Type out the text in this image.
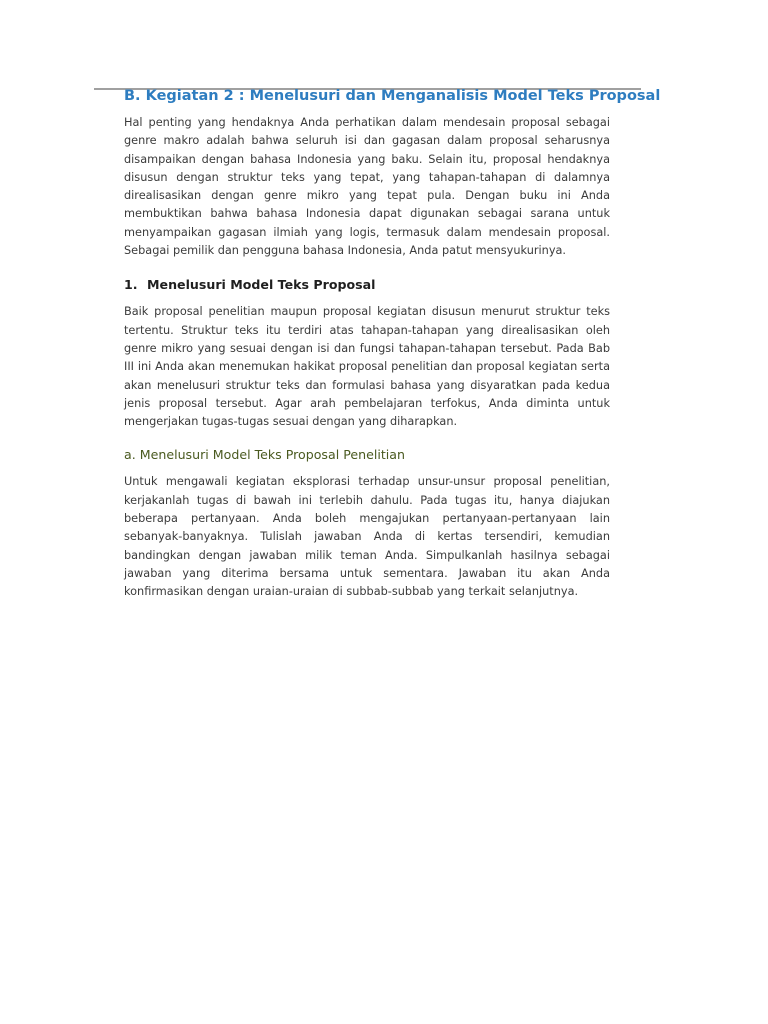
B. Kegiatan 2 : Menelusuri dan Menganalisis Model Teks Proposal

Hal penting yang hendaknya Anda perhatikan dalam mendesain proposal sebagai genre makro adalah bahwa seluruh isi dan gagasan dalam proposal seharusnya disampaikan dengan bahasa Indonesia yang baku. Selain itu, proposal hendaknya disusun dengan struktur teks yang tepat, yang tahapan-tahapan di dalamnya direalisasikan dengan genre mikro yang tepat pula. Dengan buku ini Anda membuktikan bahwa bahasa Indonesia dapat digunakan sebagai sarana untuk menyampaikan gagasan ilmiah yang logis, termasuk dalam mendesain proposal. Sebagai pemilik dan pengguna bahasa Indonesia, Anda patut mensyukurinya.

1. Menelusuri Model Teks Proposal

Baik proposal penelitian maupun proposal kegiatan disusun menurut struktur teks tertentu. Struktur teks itu terdiri atas tahapan-tahapan yang direalisasikan oleh genre mikro yang sesuai dengan isi dan fungsi tahapan-tahapan tersebut. Pada Bab III ini Anda akan menemukan hakikat proposal penelitian dan proposal kegiatan serta akan menelusuri struktur teks dan formulasi bahasa yang disyaratkan pada kedua jenis proposal tersebut. Agar arah pembelajaran terfokus, Anda diminta untuk mengerjakan tugas-tugas sesuai dengan yang diharapkan.

a. Menelusuri Model Teks Proposal Penelitian

Untuk mengawali kegiatan eksplorasi terhadap unsur-unsur proposal penelitian, kerjakanlah tugas di bawah ini terlebih dahulu. Pada tugas itu, hanya diajukan beberapa pertanyaan. Anda boleh mengajukan pertanyaan-pertanyaan lain sebanyak-banyaknya. Tulislah jawaban Anda di kertas tersendiri, kemudian bandingkan dengan jawaban milik teman Anda. Simpulkanlah hasilnya sebagai jawaban yang diterima bersama untuk sementara. Jawaban itu akan Anda konfirmasikan dengan uraian-uraian di subbab-subbab yang terkait selanjutnya.
